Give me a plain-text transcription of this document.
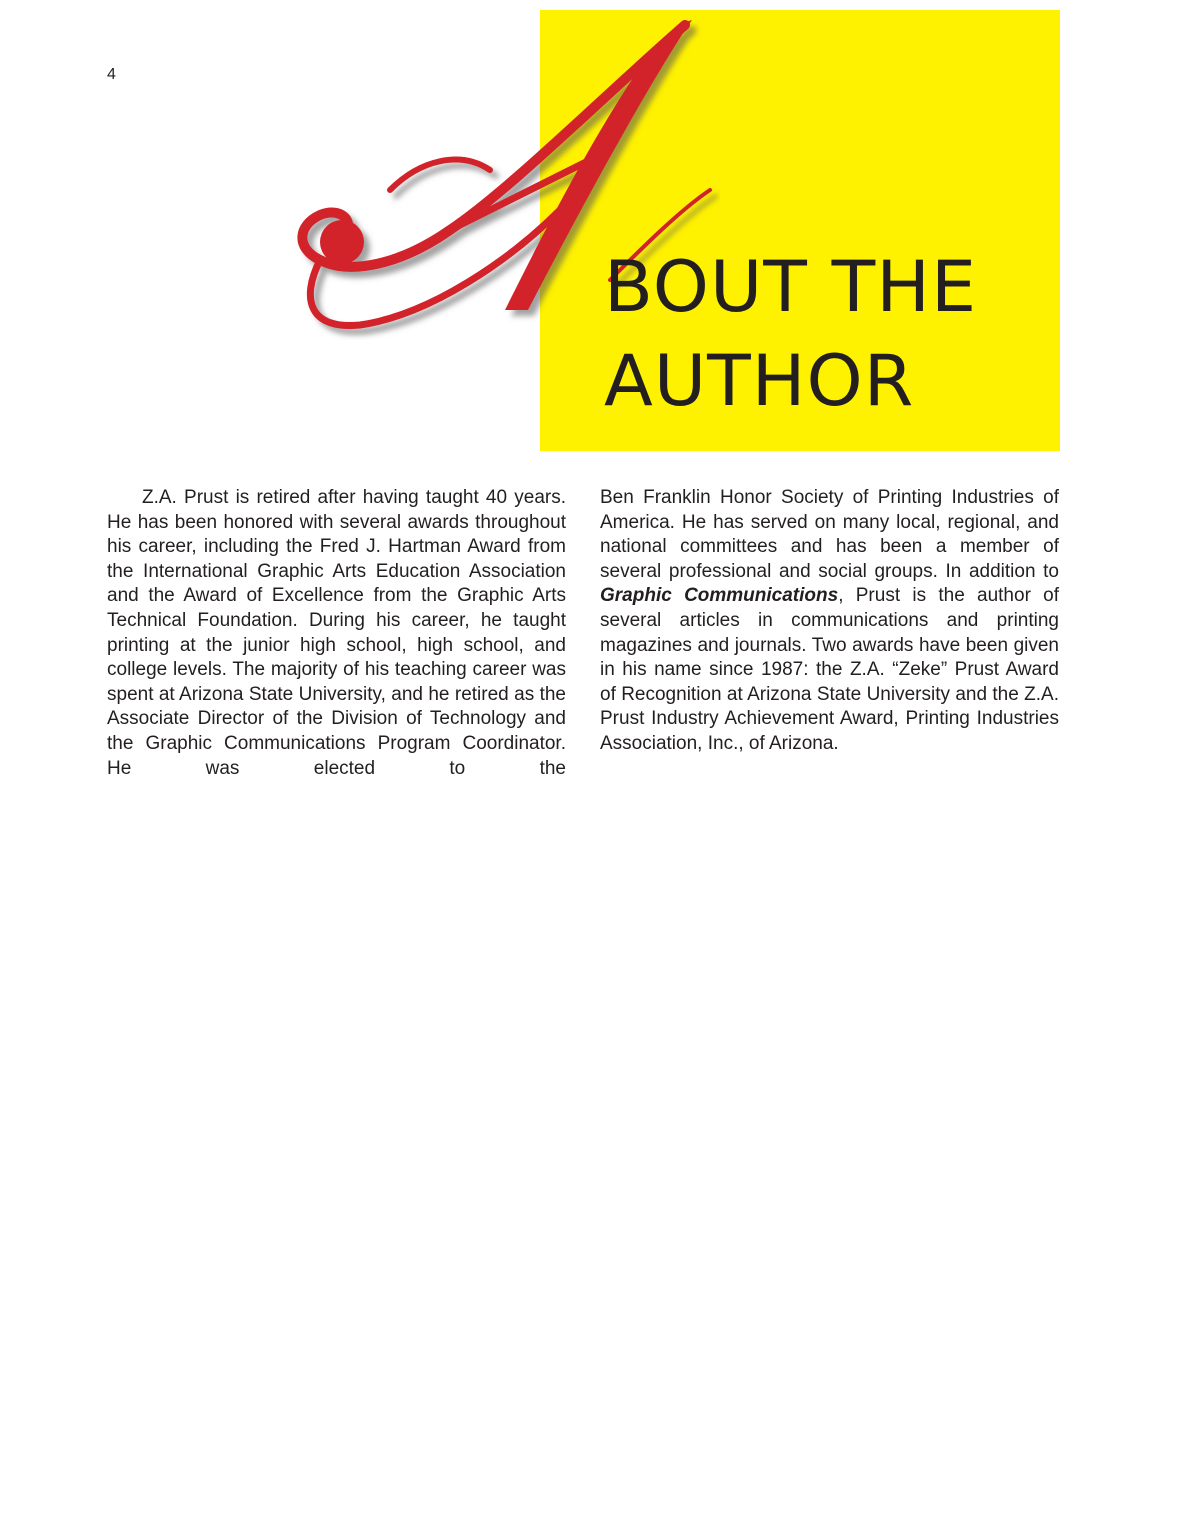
4
BOUT THE
AUTHOR

Z.A. Prust is retired after having taught 40 years. He has been honored with several awards throughout his career, including the Fred J. Hartman Award from the International Graphic Arts Education Association and the Award of Excellence from the Graphic Arts Technical Foundation. During his career, he taught printing at the junior high school, high school, and college levels. The majority of his teaching career was spent at Arizona State University, and he retired as the Associate Director of the Division of Technology and the Graphic Communications Program Coordinator. He was elected to the

Ben Franklin Honor Society of Printing Industries of America. He has served on many local, regional, and national committees and has been a member of several professional and social groups. In addition to Graphic Communications, Prust is the author of several articles in communications and printing magazines and journals. Two awards have been given in his name since 1987: the Z.A. “Zeke” Prust Award of Recognition at Arizona State University and the Z.A. Prust Industry Achievement Award, Printing Industries Association, Inc., of Arizona.
